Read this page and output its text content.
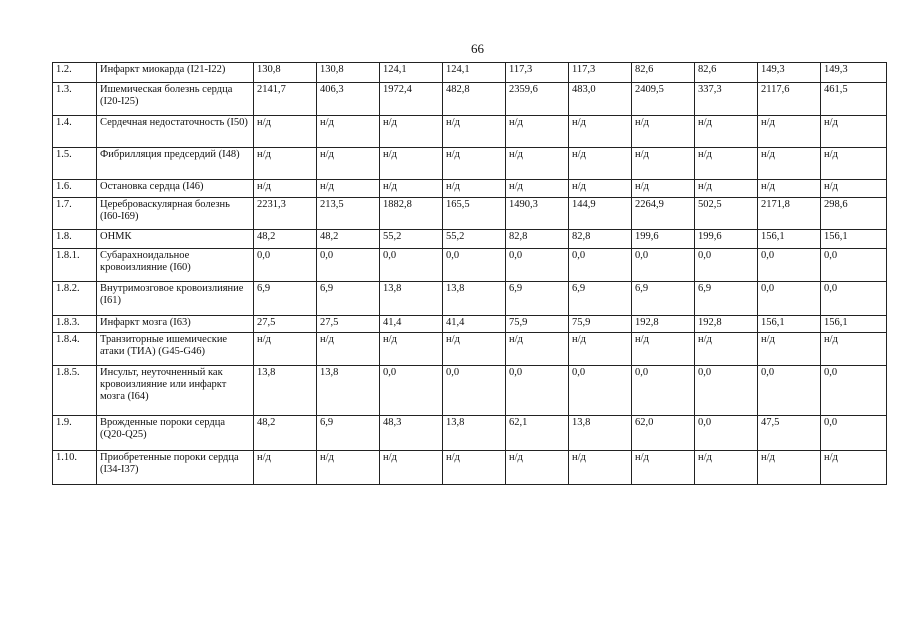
66
1.2.	Инфаркт миокарда (I21-I22)	130,8	130,8	124,1	124,1	117,3	117,3	82,6	82,6	149,3	149,3
1.3.	Ишемическая болезнь сердца (I20-I25)	2141,7	406,3	1972,4	482,8	2359,6	483,0	2409,5	337,3	2117,6	461,5
1.4.	Сердечная недостаточность (I50)	н/д	н/д	н/д	н/д	н/д	н/д	н/д	н/д	н/д	н/д
1.5.	Фибрилляция предсердий (I48)	н/д	н/д	н/д	н/д	н/д	н/д	н/д	н/д	н/д	н/д
1.6.	Остановка сердца (I46)	н/д	н/д	н/д	н/д	н/д	н/д	н/д	н/д	н/д	н/д
1.7.	Цереброваскулярная болезнь (I60-I69)	2231,3	213,5	1882,8	165,5	1490,3	144,9	2264,9	502,5	2171,8	298,6
1.8.	ОНМК	48,2	48,2	55,2	55,2	82,8	82,8	199,6	199,6	156,1	156,1
1.8.1.	Субарахноидальное кровоизлияние (I60)	0,0	0,0	0,0	0,0	0,0	0,0	0,0	0,0	0,0	0,0
1.8.2.	Внутримозговое кровоизлияние (I61)	6,9	6,9	13,8	13,8	6,9	6,9	6,9	6,9	0,0	0,0
1.8.3.	Инфаркт мозга (I63)	27,5	27,5	41,4	41,4	75,9	75,9	192,8	192,8	156,1	156,1
1.8.4.	Транзиторные ишемические атаки (ТИА) (G45-G46)	н/д	н/д	н/д	н/д	н/д	н/д	н/д	н/д	н/д	н/д
1.8.5.	Инсульт, неуточненный как кровоизлияние или инфаркт мозга (I64)	13,8	13,8	0,0	0,0	0,0	0,0	0,0	0,0	0,0	0,0
1.9.	Врожденные пороки сердца (Q20-Q25)	48,2	6,9	48,3	13,8	62,1	13,8	62,0	0,0	47,5	0,0
1.10.	Приобретенные пороки сердца (I34-I37)	н/д	н/д	н/д	н/д	н/д	н/д	н/д	н/д	н/д	н/д
